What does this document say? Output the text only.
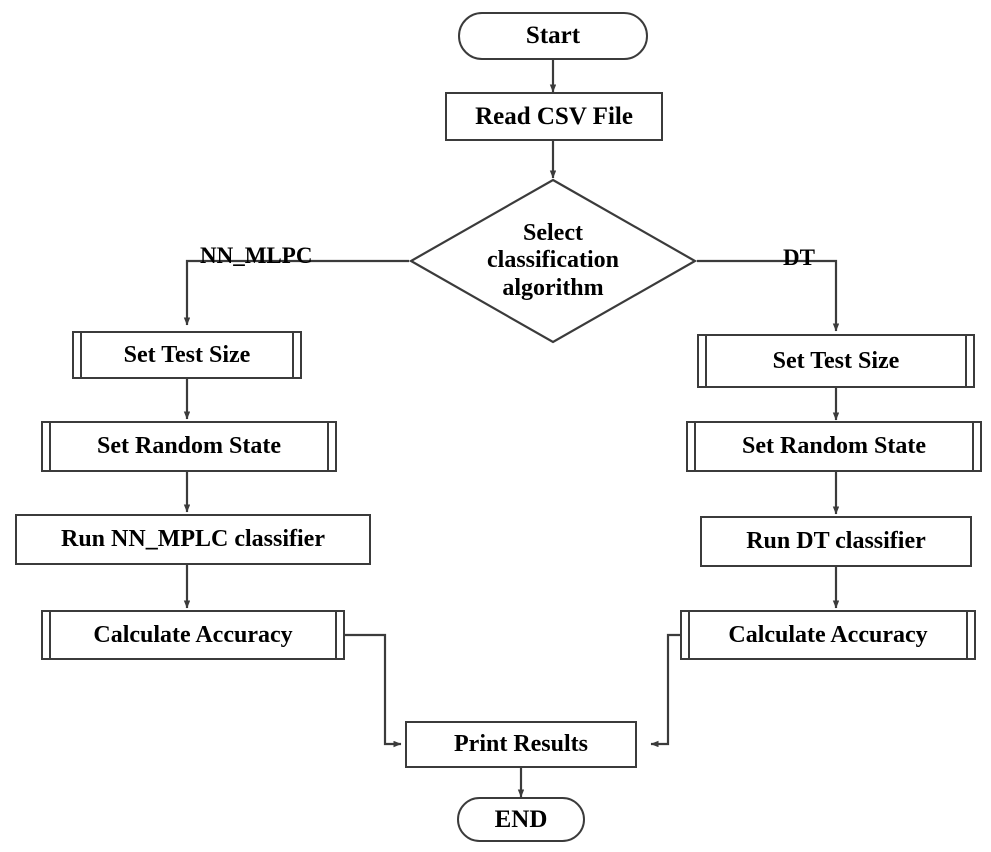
Start
Read CSV File
Select
classification
algorithm
NN_MLPC	DT
Set Test Size
Set Random State
Run NN_MPLC classifier
Calculate Accuracy
Set Test Size
Set Random State
Run DT classifier
Calculate Accuracy
Print Results
END
